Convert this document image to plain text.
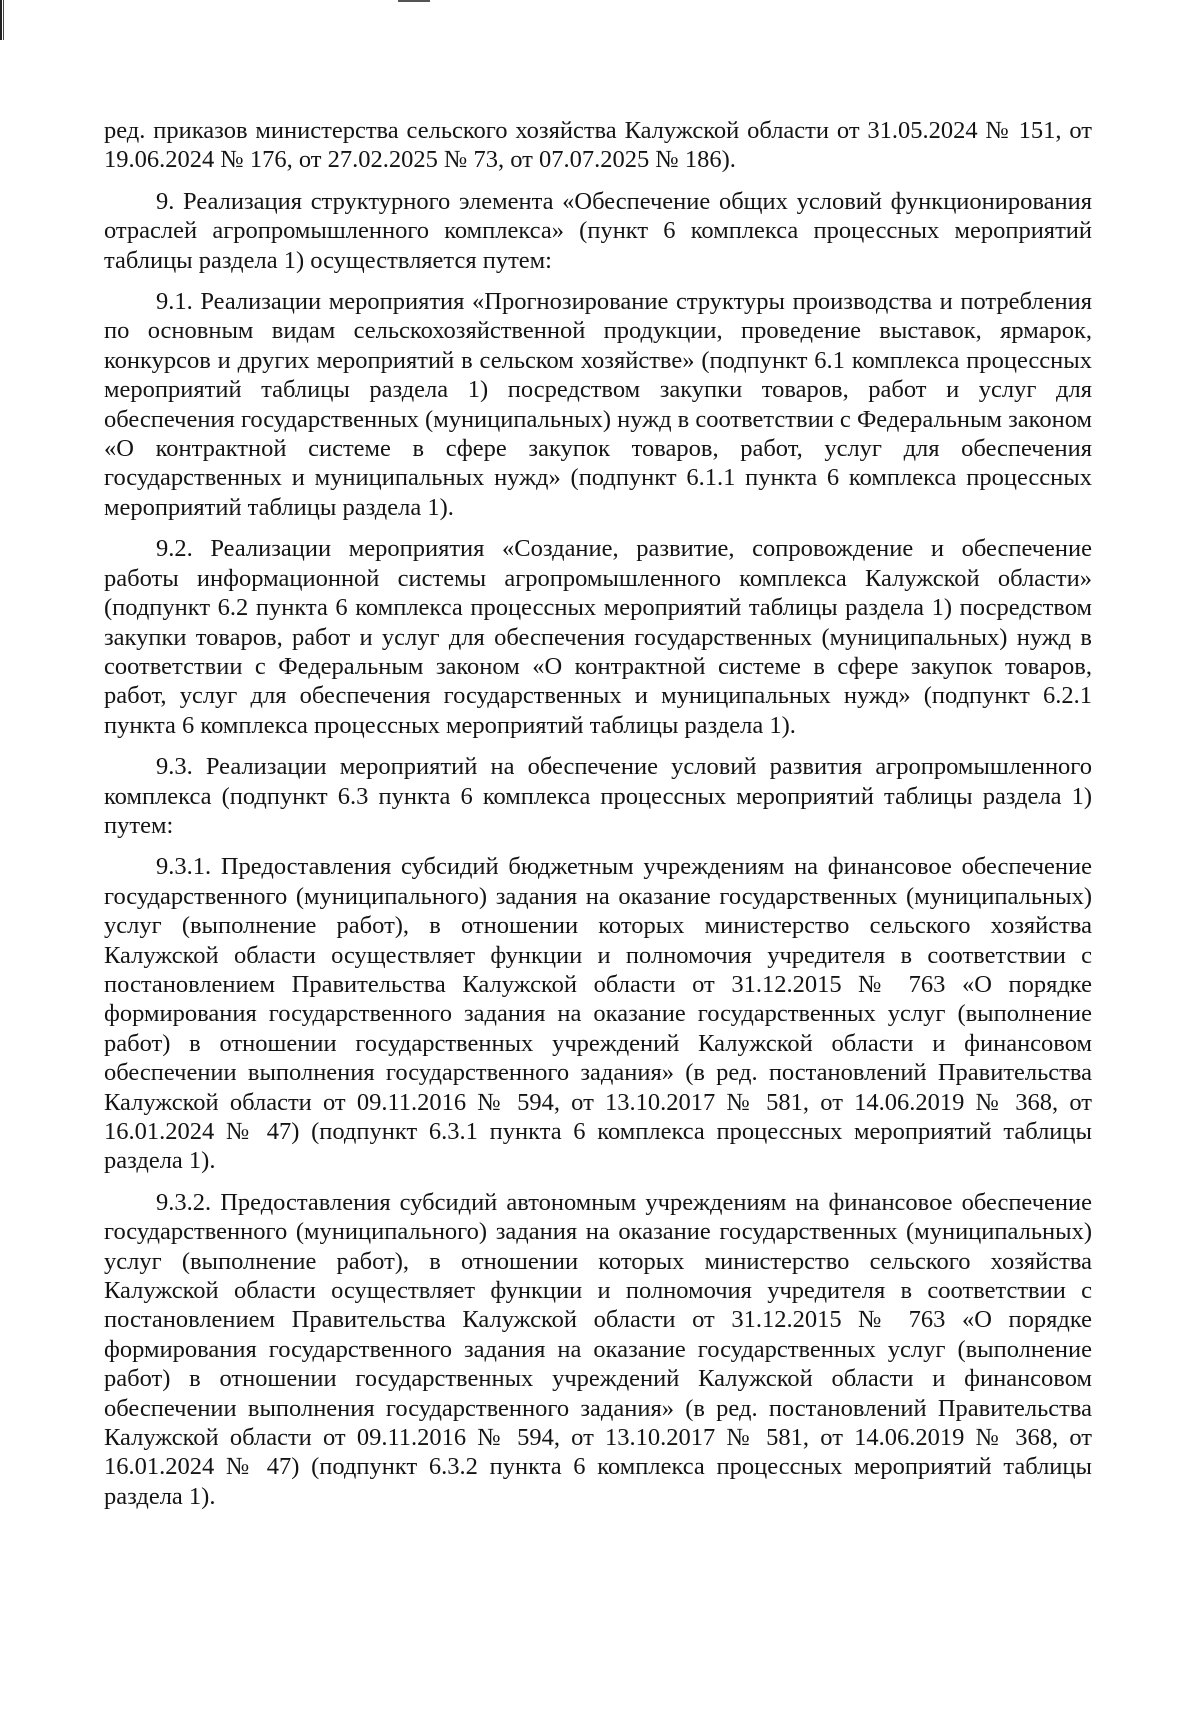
ред. приказов министерства сельского хозяйства Калужской области от 31.05.2024 № 151, от 19.06.2024 № 176, от 27.02.2025 № 73, от 07.07.2025 № 186).

9. Реализация структурного элемента «Обеспечение общих условий функционирования отраслей агропромышленного комплекса» (пункт 6 комплекса процессных мероприятий таблицы раздела 1) осуществляется путем:

9.1. Реализации мероприятия «Прогнозирование структуры производства и потребления по основным видам сельскохозяйственной продукции, проведение выставок, ярмарок, конкурсов и других мероприятий в сельском хозяйстве» (подпункт 6.1 комплекса процессных мероприятий таблицы раздела 1) посредством закупки товаров, работ и услуг для обеспечения государственных (муниципальных) нужд в соответствии с Федеральным законом «О контрактной системе в сфере закупок товаров, работ, услуг для обеспечения государственных и муниципальных нужд» (подпункт 6.1.1 пункта 6 комплекса процессных мероприятий таблицы раздела 1).

9.2. Реализации мероприятия «Создание, развитие, сопровождение и обеспечение работы информационной системы агропромышленного комплекса Калужской области» (подпункт 6.2 пункта 6 комплекса процессных мероприятий таблицы раздела 1) посредством закупки товаров, работ и услуг для обеспечения государственных (муниципальных) нужд в соответствии с Федеральным законом «О контрактной системе в сфере закупок товаров, работ, услуг для обеспечения государственных и муниципальных нужд» (подпункт 6.2.1 пункта 6 комплекса процессных мероприятий таблицы раздела 1).

9.3. Реализации мероприятий на обеспечение условий развития агропромышленного комплекса (подпункт 6.3 пункта 6 комплекса процессных мероприятий таблицы раздела 1) путем:

9.3.1. Предоставления субсидий бюджетным учреждениям на финансовое обеспечение государственного (муниципального) задания на оказание государственных (муниципальных) услуг (выполнение работ), в отношении которых министерство сельского хозяйства Калужской области осуществляет функции и полномочия учредителя в соответствии с постановлением Правительства Калужской области от 31.12.2015 № 763 «О порядке формирования государственного задания на оказание государственных услуг (выполнение работ) в отношении государственных учреждений Калужской области и финансовом обеспечении выполнения государственного задания» (в ред. постановлений Правительства Калужской области от 09.11.2016 № 594, от 13.10.2017 № 581, от 14.06.2019 № 368, от 16.01.2024 № 47) (подпункт 6.3.1 пункта 6 комплекса процессных мероприятий таблицы раздела 1).

9.3.2. Предоставления субсидий автономным учреждениям на финансовое обеспечение государственного (муниципального) задания на оказание государственных (муниципальных) услуг (выполнение работ), в отношении которых министерство сельского хозяйства Калужской области осуществляет функции и полномочия учредителя в соответствии с постановлением Правительства Калужской области от 31.12.2015 № 763 «О порядке формирования государственного задания на оказание государственных услуг (выполнение работ) в отношении государственных учреждений Калужской области и финансовом обеспечении выполнения государственного задания» (в ред. постановлений Правительства Калужской области от 09.11.2016 № 594, от 13.10.2017 № 581, от 14.06.2019 № 368, от 16.01.2024 № 47) (подпункт 6.3.2 пункта 6 комплекса процессных мероприятий таблицы раздела 1).
